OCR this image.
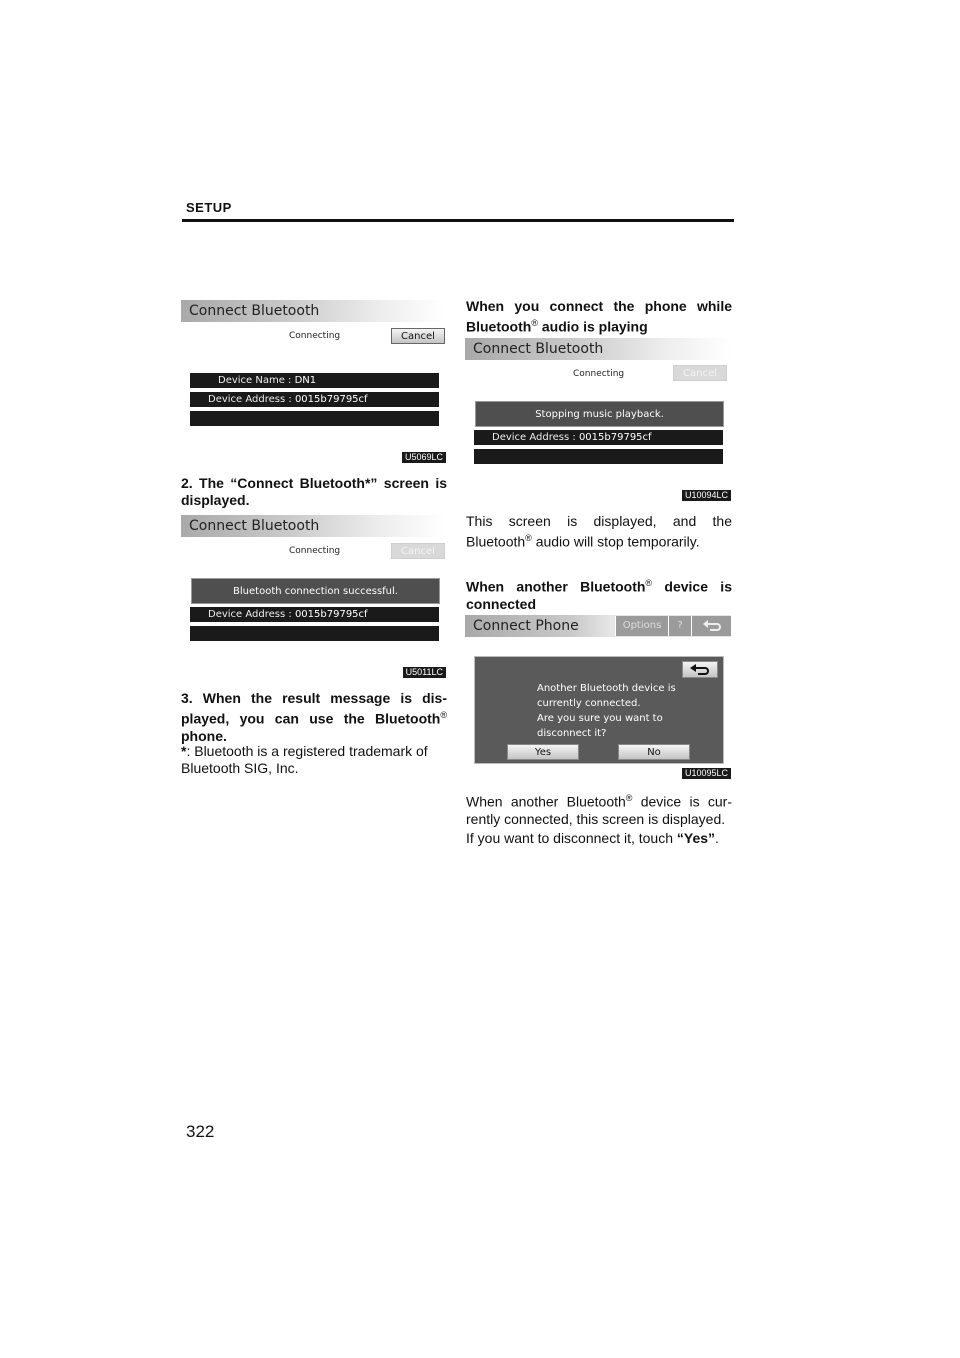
SETUP
Connect Bluetooth
Connecting	Cancel
Device Name : DN1
Device Address : 0015b79795cf
U5069LC
2. The “Connect Bluetooth*” screen is displayed.
Connect Bluetooth
Connecting	Cancel
Bluetooth connection successful.
Device Address : 0015b79795cf
U5011LC
3. When the result message is dis-played, you can use the Bluetooth® phone.
*: Bluetooth is a registered trademark of Bluetooth SIG, Inc.
When you connect the phone while Bluetooth® audio is playing
Connect Bluetooth
Connecting	Cancel
Stopping music playback.
Device Address : 0015b79795cf
U10094LC
This screen is displayed, and the Bluetooth® audio will stop temporarily.
When another Bluetooth® device is connected
Connect Phone	Options	?
Another Bluetooth device is
currently connected.
Are you sure you want to
disconnect it?
Yes	No
U10095LC
When another Bluetooth® device is cur-rently connected, this screen is displayed.
If you want to disconnect it, touch “Yes”.
322
